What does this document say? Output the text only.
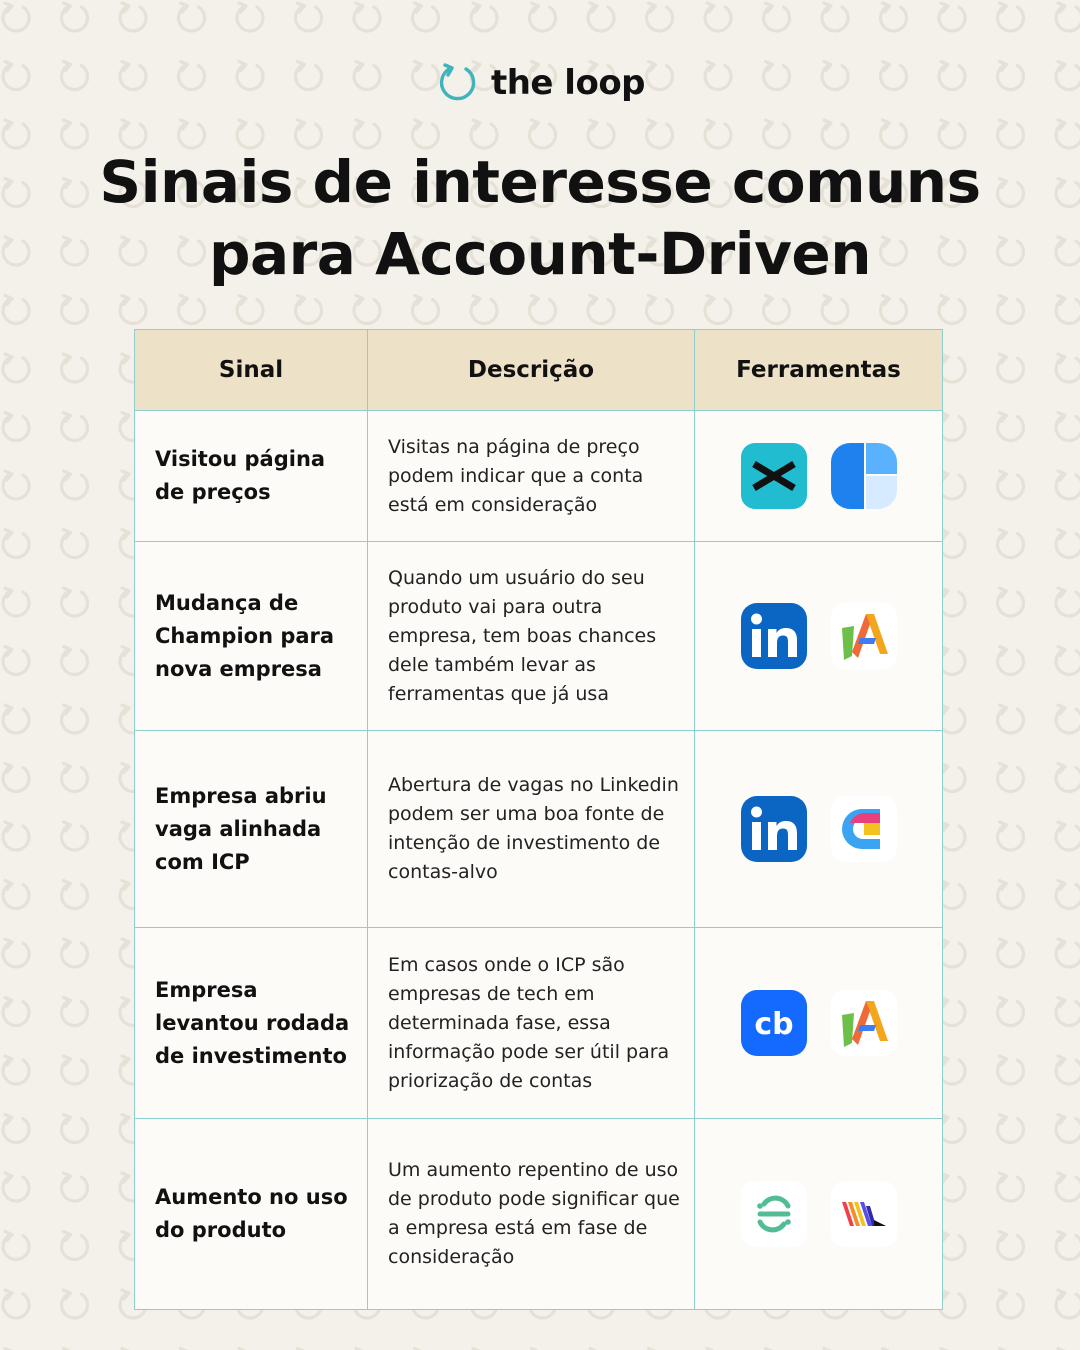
the loop
Sinais de interesse comuns
para Account-Driven
Sinal	Descrição	Ferramentas
Visitou página de preços	Visitas na página de preço podem indicar que a conta está em consideração	

Mudança de Champion para nova empresa	Quando um usuário do seu produto vai para outra empresa, tem boas chances dele também levar as ferramentas que já usa	

Empresa abriu vaga alinhada com ICP	Abertura de vagas no Linkedin podem ser uma boa fonte de intenção de investimento de contas-alvo	

Empresa levantou rodada de investimento	Em casos onde o ICP são empresas de tech em determinada fase, essa informação pode ser útil para priorização de contas	cb

Aumento no uso do produto	Um aumento repentino de uso de produto pode significar que a empresa está em fase de consideração	
